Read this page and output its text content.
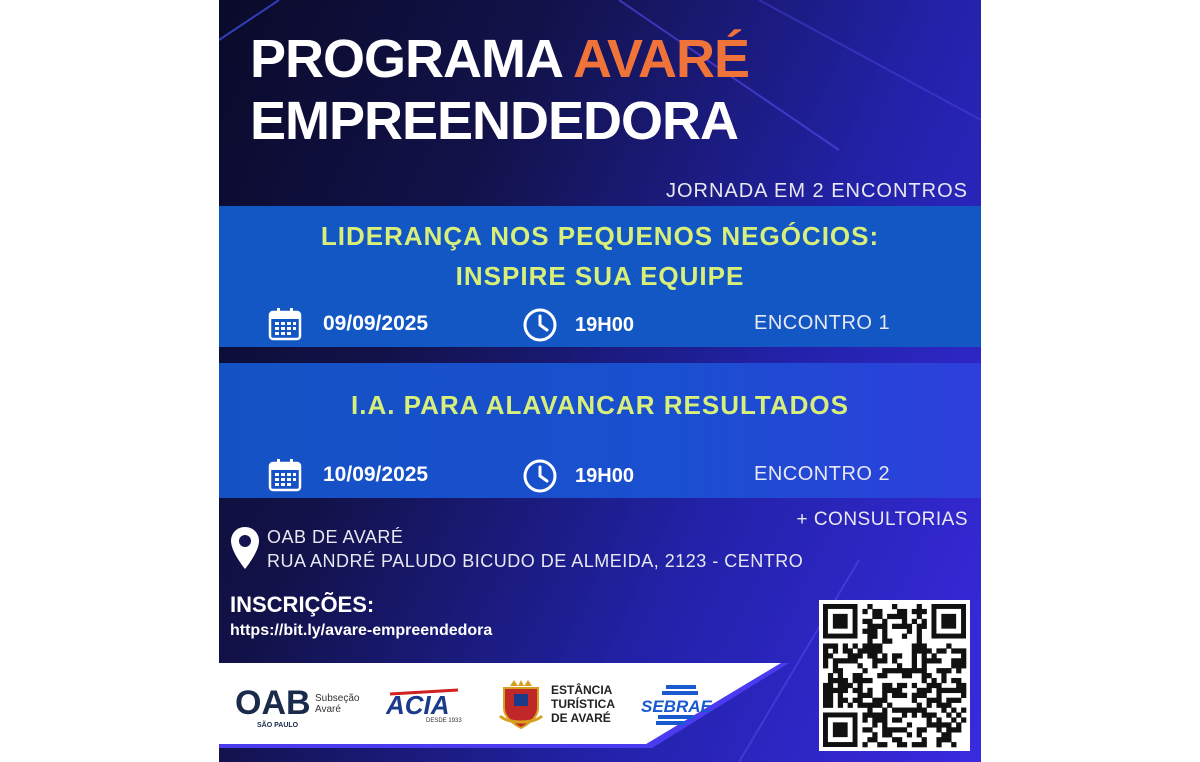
PROGRAMA AVARÉ
EMPREENDEDORA
JORNADA EM 2 ENCONTROS
LIDERANÇA NOS PEQUENOS NEGÓCIOS:
INSPIRE SUA EQUIPE
09/09/2025	19H00	ENCONTRO 1
I.A. PARA ALAVANCAR RESULTADOS
10/09/2025	19H00	ENCONTRO 2
+ CONSULTORIAS
OAB DE AVARÉ
RUA ANDRÉ PALUDO BICUDO DE ALMEIDA, 2123 - CENTRO
INSCRIÇÕES:
https://bit.ly/avare-empreendedora
OAB
SÃO PAULO
Subseção
Avaré ACIA
DESDE 1933
ESTÂNCIA
TURÍSTICA
DE AVARÉ
SEBRAE
